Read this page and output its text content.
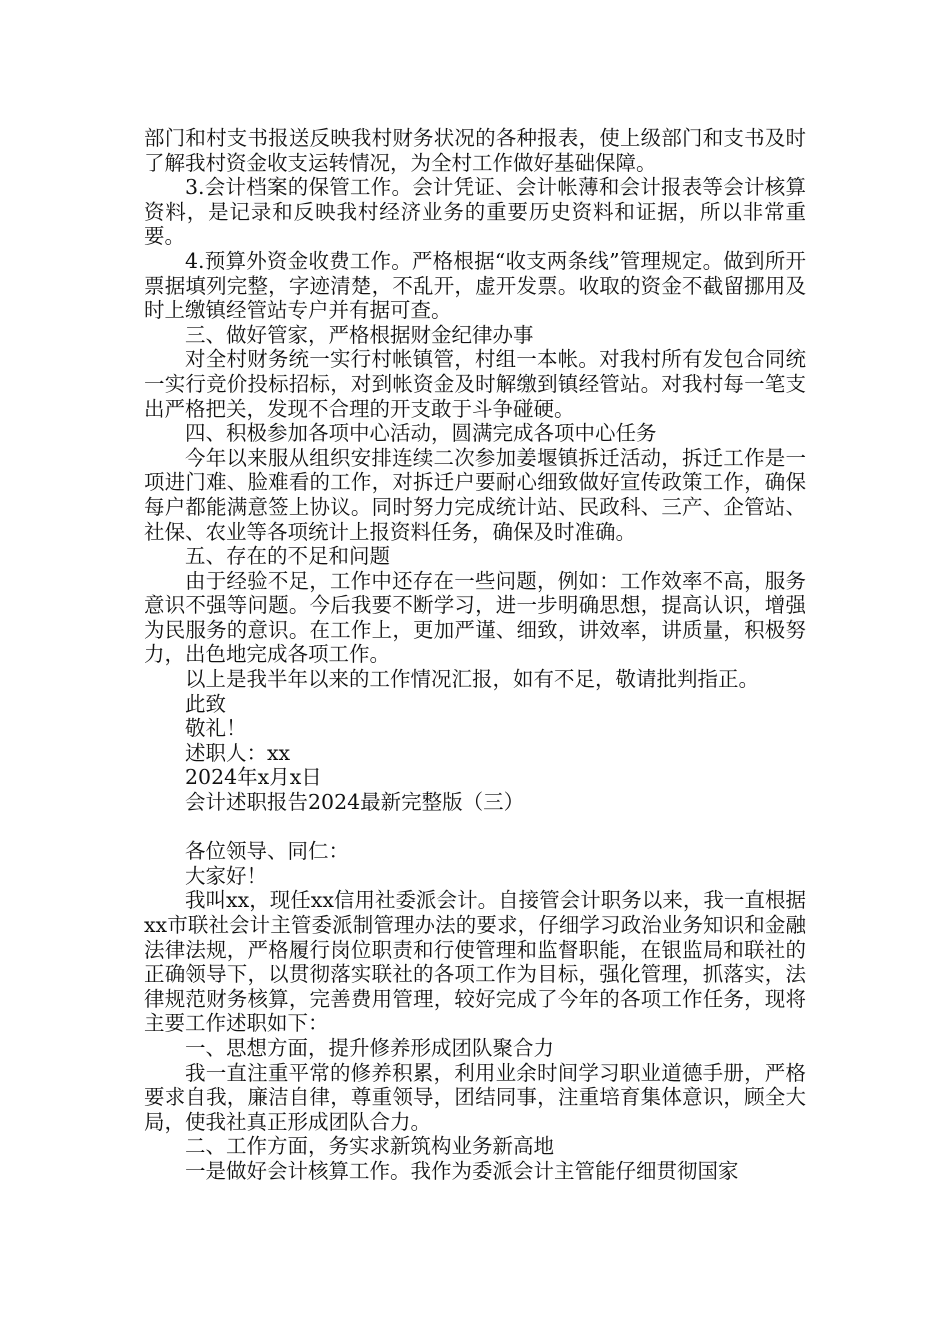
部门和村支书报送反映我村财务状况的各种报表，使上级部门和支书及时了解我村资金收支运转情况，为全村工作做好基础保障。

3.会计档案的保管工作。会计凭证、会计帐薄和会计报表等会计核算资料，是记录和反映我村经济业务的重要历史资料和证据，所以非常重要。

4.预算外资金收费工作。严格根据“收支两条线”管理规定。做到所开票据填列完整，字迹清楚，不乱开，虚开发票。收取的资金不截留挪用及时上缴镇经管站专户并有据可查。

三、做好管家，严格根据财金纪律办事

对全村财务统一实行村帐镇管，村组一本帐。对我村所有发包合同统一实行竞价投标招标，对到帐资金及时解缴到镇经管站。对我村每一笔支出严格把关，发现不合理的开支敢于斗争碰硬。

四、积极参加各项中心活动，圆满完成各项中心任务

今年以来服从组织安排连续二次参加姜堰镇拆迁活动，拆迁工作是一项进门难、脸难看的工作，对拆迁户要耐心细致做好宣传政策工作，确保每户都能满意签上协议。同时努力完成统计站、民政科、三产、企管站、社保、农业等各项统计上报资料任务，确保及时准确。

五、存在的不足和问题

由于经验不足，工作中还存在一些问题，例如：工作效率不高，服务意识不强等问题。今后我要不断学习，进一步明确思想，提高认识，增强为民服务的意识。在工作上，更加严谨、细致，讲效率，讲质量，积极努力，出色地完成各项工作。

以上是我半年以来的工作情况汇报，如有不足，敬请批判指正。

此致

敬礼！

述职人：xx

2024年x月x日

会计述职报告2024最新完整版（三）

各位领导、同仁：

大家好！

我叫xx，现任xx信用社委派会计。自接管会计职务以来，我一直根据xx市联社会计主管委派制管理办法的要求，仔细学习政治业务知识和金融法律法规，严格履行岗位职责和行使管理和监督职能，在银监局和联社的正确领导下，以贯彻落实联社的各项工作为目标，强化管理，抓落实，法律规范财务核算，完善费用管理，较好完成了今年的各项工作任务，现将主要工作述职如下：

一、思想方面，提升修养形成团队聚合力

我一直注重平常的修养积累，利用业余时间学习职业道德手册，严格要求自我，廉洁自律，尊重领导，团结同事，注重培育集体意识，顾全大局，使我社真正形成团队合力。

二、工作方面，务实求新筑构业务新高地

一是做好会计核算工作。我作为委派会计主管能仔细贯彻国家
